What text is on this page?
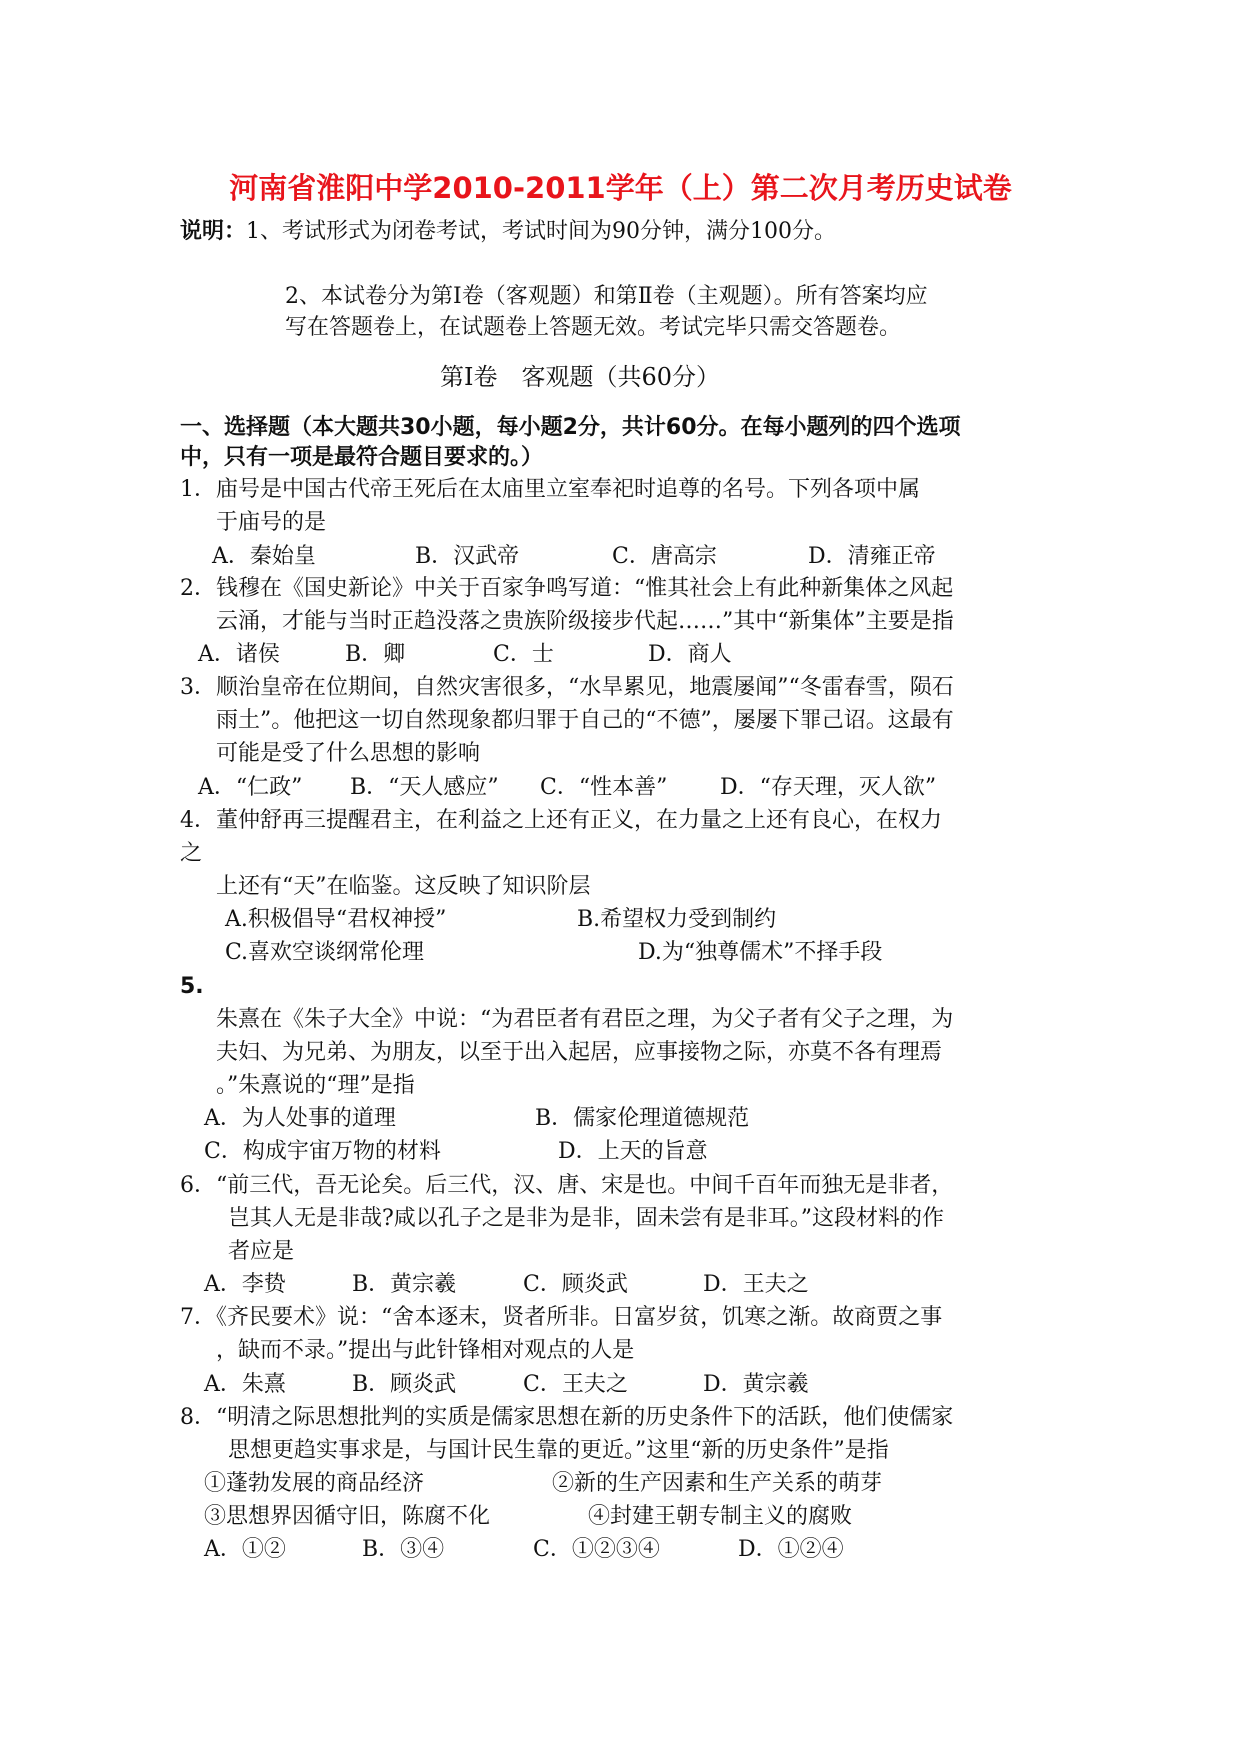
河南省淮阳中学2010-2011学年（上）第二次月考历史试卷
说明：1、考试形式为闭卷考试，考试时间为90分钟，满分100分。
2、本试卷分为第Ⅰ卷（客观题）和第Ⅱ卷（主观题）。所有答案均应
写在答题卷上，在试题卷上答题无效。考试完毕只需交答题卷。
第Ⅰ卷　客观题（共60分）
一、选择题（本大题共30小题，每小题2分，共计60分。在每小题列的四个选项
中，只有一项是最符合题目要求的。）
1．庙号是中国古代帝王死后在太庙里立室奉祀时追尊的名号。下列各项中属
于庙号的是
A．秦始皇	B．汉武帝	C．唐高宗	D．清雍正帝
2．钱穆在《国史新论》中关于百家争鸣写道：“惟其社会上有此种新集体之风起
云涌，才能与当时正趋没落之贵族阶级接步代起……”其中“新集体”主要是指
A．诸侯	B．卿	C．士	D．商人
3．顺治皇帝在位期间，自然灾害很多，“水旱累见，地震屡闻”“冬雷春雪，陨石
雨土”。他把这一切自然现象都归罪于自己的“不德”，屡屡下罪己诏。这最有
可能是受了什么思想的影响
A．“仁政” B．“天人感应” C．“性本善” D．“存天理，灭人欲”
4．董仲舒再三提醒君主，在利益之上还有正义，在力量之上还有良心，在权力
之
上还有“天”在临鉴。这反映了知识阶层
A.积极倡导“君权神授”	B.希望权力受到制约
C.喜欢空谈纲常伦理	D.为“独尊儒术”不择手段
5.
朱熹在《朱子大全》中说：“为君臣者有君臣之理，为父子者有父子之理，为
夫妇、为兄弟、为朋友，以至于出入起居，应事接物之际，亦莫不各有理焉
。”朱熹说的“理”是指
A．为人处事的道理	B．儒家伦理道德规范
C．构成宇宙万物的材料	D．上天的旨意
6．“前三代，吾无论矣。后三代，汉、唐、宋是也。中间千百年而独无是非者，
岂其人无是非哉?咸以孔子之是非为是非，固未尝有是非耳。”这段材料的作
者应是
A．李贽	B．黄宗羲	C．顾炎武	D．王夫之
7．《齐民要术》说：“舍本逐末，贤者所非。日富岁贫，饥寒之渐。故商贾之事
，缺而不录。”提出与此针锋相对观点的人是
A．朱熹	B．顾炎武	C．王夫之	D．黄宗羲
8．“明清之际思想批判的实质是儒家思想在新的历史条件下的活跃，他们使儒家
思想更趋实事求是，与国计民生靠的更近。”这里“新的历史条件”是指
①蓬勃发展的商品经济	②新的生产因素和生产关系的萌芽
③思想界因循守旧，陈腐不化	④封建王朝专制主义的腐败
A．①②	B．③④	C．①②③④	D．①②④
